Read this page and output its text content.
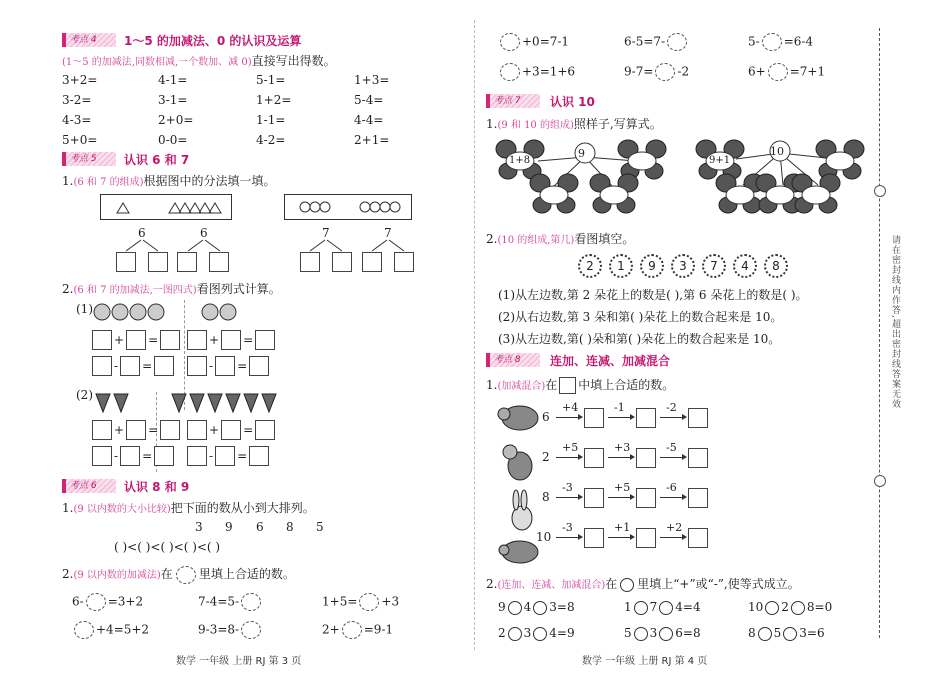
考点 4	1～5 的加减法、0 的认识及运算
(1～5 的加减法,同数相减,一个数加、减 0)直接写出得数。
3+2=	4-1=	5-1=	1+3=
3-2=	3-1=	1+2=	5-4=
4-3=	2+0=	1-1=	4-4=
5+0=	0-0=	4-2=	2+1=
考点 5	认识 6 和 7
1.(6 和 7 的组成)根据图中的分法填一填。
6	6	7	7
2.(6 和 7 的加减法,一图四式)看图列式计算。
(1)
+ =	+ =
- =	- =
(2)
+ =	+ =
- =	- =
考点 6	认识 8 和 9
1.(9 以内数的大小比较)把下面的数从小到大排列。
3 9 6 8 5
( )<( )<( )<( )<( )
2.(9 以内数的加减法)在 里填上合适的数。
6- =3+2	7-4=5-	1+5= +3
+4=5+2	9-3=8-	2+ =9-1
数学 一年级 上册 RJ 第 3 页
+0=7-1	6-5=7-	5- =6-4
+3=1+6	9-7= -2	6+ =7+1
考点 7	认识 10
1.(9 和 10 的组成)照样子,写算式。
9	10
1+8	9+1
2.(10 的组成,第几)看图填空。
2	1	9	3	7	4	8
(1)从左边数,第 2 朵花上的数是( ),第 6 朵花上的数是( )。
(2)从右边数,第 3 朵和第( )朵花上的数合起来是 10。
(3)从左边数,第( )朵和第( )朵花上的数合起来是 10。
考点 8	连加、连减、加减混合
1.(加减混合)在 中填上合适的数。
6
+4	-1	-2
2
+5	+3	-5
8
-3	+5	-6
10
-3	+1	+2
2.(连加、连减、加减混合)在 里填上“+”或“-”,使等式成立。
9 4 3=8	1 7 4=4	10 2 8=0
2 3 4=9	5 3 6=8	8 5 3=6
数学 一年级 上册 RJ 第 4 页
请在密封线内作答,超出密封线答案无效
